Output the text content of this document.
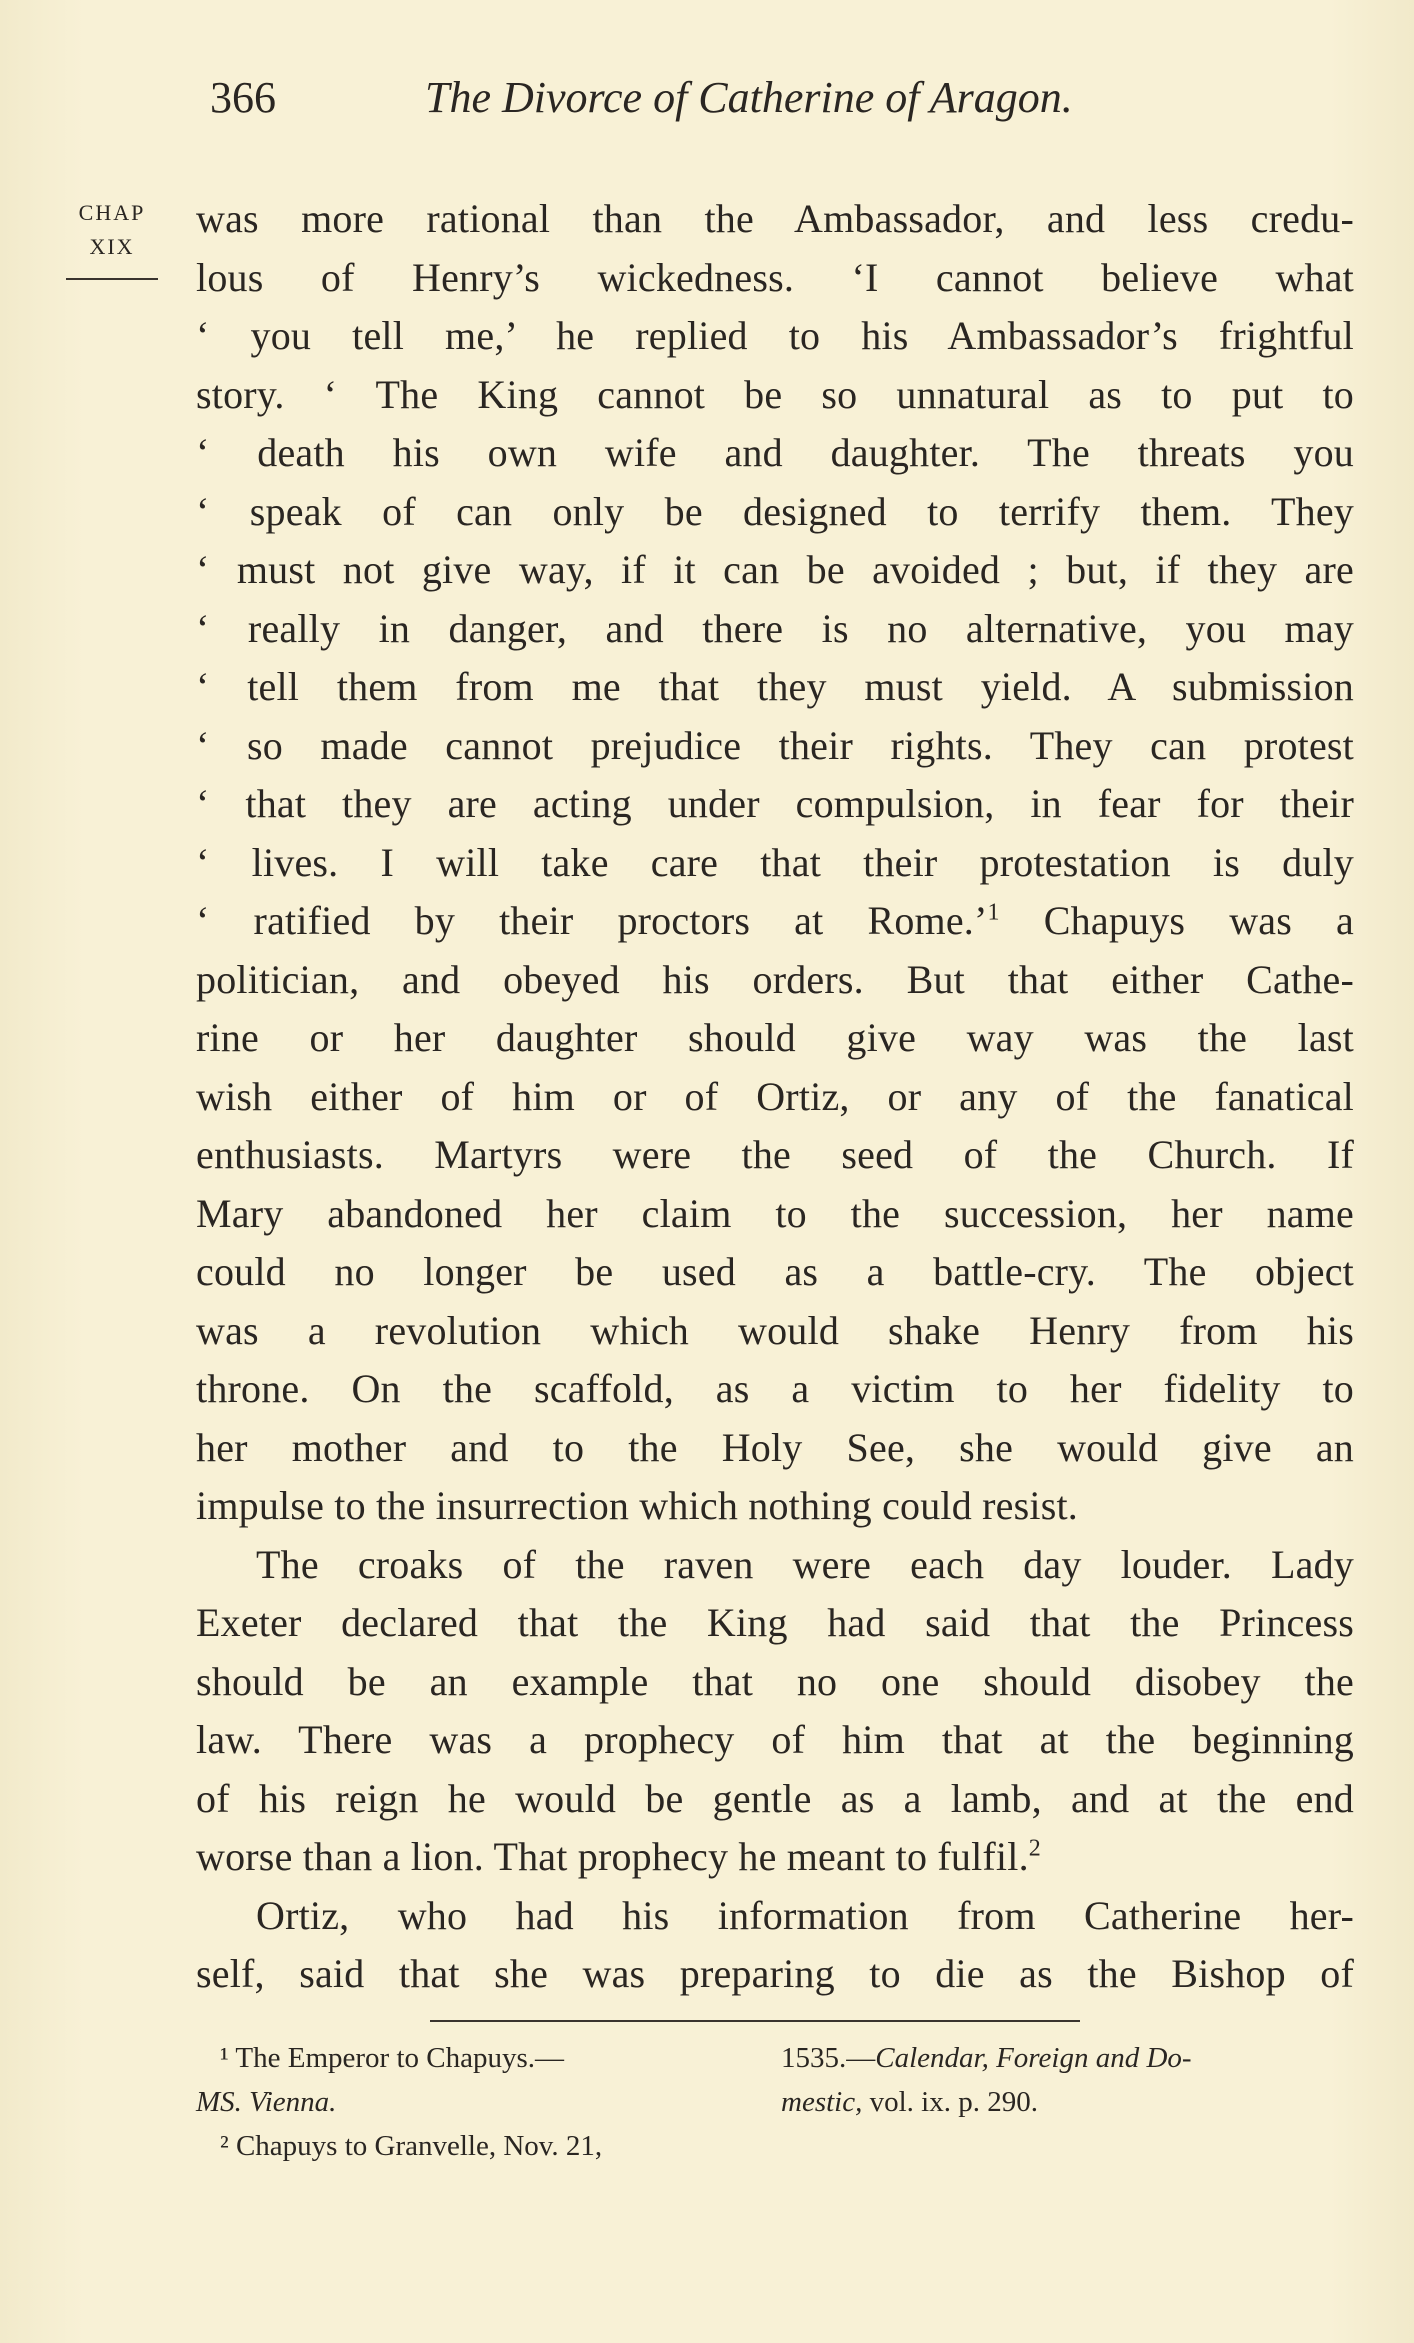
366	The Divorce of Catherine of Aragon.
CHAP
XIX
was more rational than the Ambassador, and less credu-
lous of Henry’s wickedness. ‘I cannot believe what
‘ you tell me,’ he replied to his Ambassador’s frightful
story. ‘ The King cannot be so unnatural as to put to
‘ death his own wife and daughter. The threats you
‘ speak of can only be designed to terrify them. They
‘ must not give way, if it can be avoided ; but, if they are
‘ really in danger, and there is no alternative, you may
‘ tell them from me that they must yield. A submission
‘ so made cannot prejudice their rights. They can protest
‘ that they are acting under compulsion, in fear for their
‘ lives. I will take care that their protestation is duly
‘ ratified by their proctors at Rome.’$^1$ Chapuys was a
politician, and obeyed his orders. But that either Cathe-
rine or her daughter should give way was the last
wish either of him or of Ortiz, or any of the fanatical
enthusiasts. Martyrs were the seed of the Church. If
Mary abandoned her claim to the succession, her name
could no longer be used as a battle-cry. The object
was a revolution which would shake Henry from his
throne. On the scaffold, as a victim to her fidelity to
her mother and to the Holy See, she would give an
impulse to the insurrection which nothing could resist.
The croaks of the raven were each day louder. Lady
Exeter declared that the King had said that the Princess
should be an example that no one should disobey the
law. There was a prophecy of him that at the beginning
of his reign he would be gentle as a lamb, and at the end
worse than a lion. That prophecy he meant to fulfil.$^2$
Ortiz, who had his information from Catherine her-
self, said that she was preparing to die as the Bishop of
¹ The Emperor to Chapuys.—
MS. Vienna.
² Chapuys to Granvelle, Nov. 21,
1535.—Calendar, Foreign and Do-
mestic, vol. ix. p. 290.
